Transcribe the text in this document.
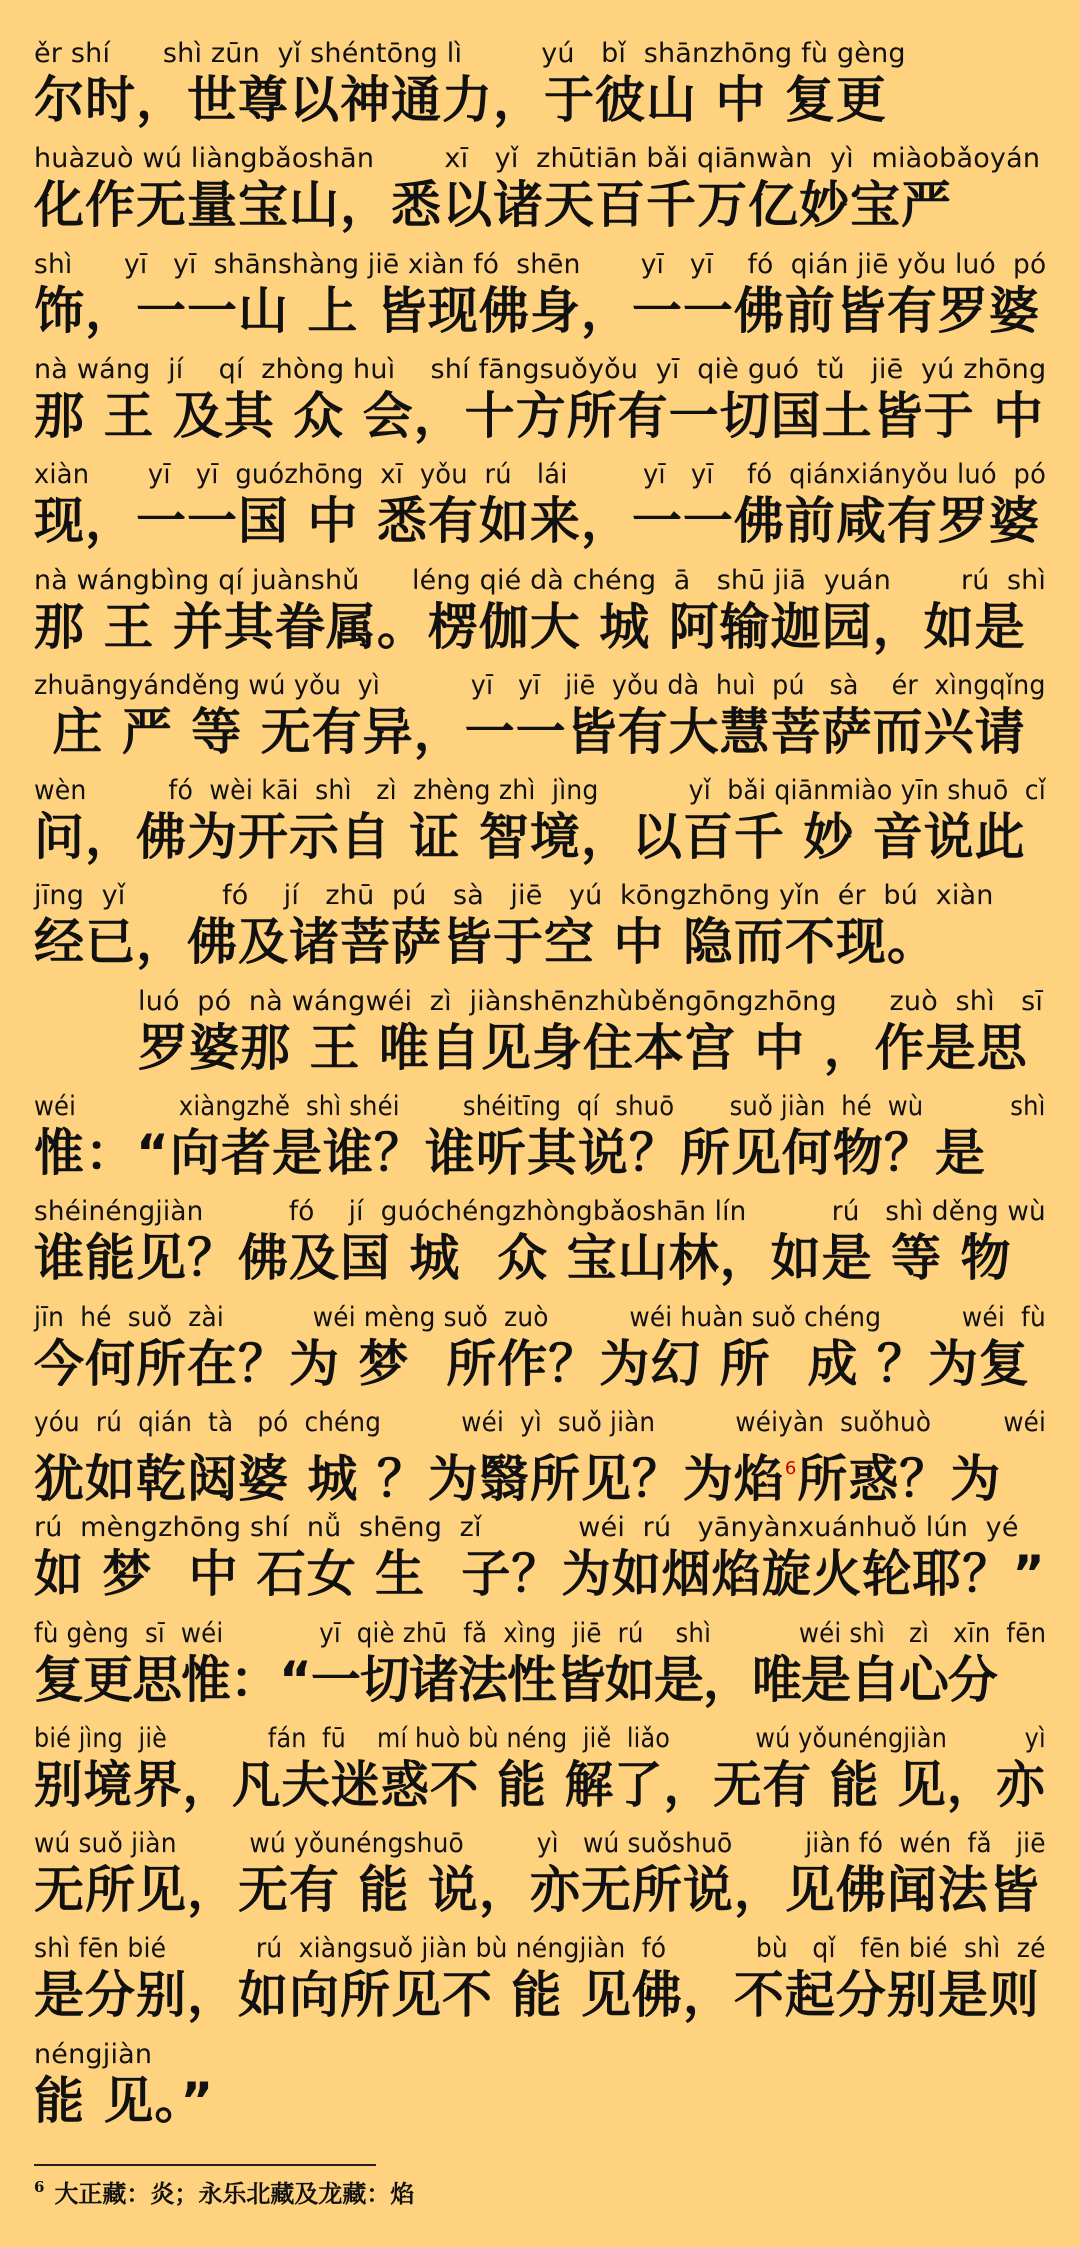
ěr shí      shì zūn  yǐ shéntōng lì         yú   bǐ  shānzhōng fù gèng
尔时，世尊以神通力，于彼山 中 复更
huàzuò wú liàngbǎoshān        xī   yǐ  zhūtiān bǎi qiānwàn  yì  miàobǎoyán
化作无量宝山，悉以诸天百千万亿妙宝严
shì      yī   yī  shānshàng jiē xiàn fó  shēn       yī   yī    fó  qián jiē yǒu luó  pó
饰，一一山 上 皆现佛身，一一佛前皆有罗婆
nà wáng  jí    qí  zhòng huì    shí fāngsuǒyǒu  yī  qiè guó  tǔ   jiē  yú zhōng
那 王 及其 众 会，十方所有一切国土皆于 中
xiàn       yī   yī  guózhōng  xī  yǒu  rú   lái         yī   yī    fó  qiánxiányǒu luó  pó
现，一一国 中 悉有如来，一一佛前咸有罗婆
nà wángbìng qí juànshǔ      léng qié dà chéng  ā   shū jiā  yuán        rú  shì
那 王 并其眷属。楞伽大 城 阿输迦园，如是
zhuāngyánděng wú yǒu  yì           yī   yī   jiē  yǒu dà  huì  pú   sà    ér  xìngqǐng
庄 严 等 无有异，一一皆有大慧菩萨而兴请
wèn          fó  wèi kāi  shì   zì  zhèng zhì  jìng           yǐ  bǎi qiānmiào yīn shuō  cǐ
问，佛为开示自 证 智境，以百千 妙 音说此
jīng  yǐ           fó    jí   zhū  pú   sà   jiē   yú  kōngzhōng yǐn  ér  bú  xiàn
经已，佛及诸菩萨皆于空 中 隐而不现。
luó  pó  nà wángwéi  zì  jiànshēnzhùběngōngzhōng      zuò  shì   sī
罗婆那 王 唯自见身住本宫 中 ，作是思
wéi             xiàngzhě  shì shéi        shéitīng  qí  shuō       suǒ jiàn  hé  wù           shì
惟：“向者是谁？谁听其说？所见何物？是
shéinéngjiàn          fó    jí  guóchéngzhòngbǎoshān lín          rú   shì děng wù
谁能见？佛及国 城  众 宝山林，如是 等 物
jīn  hé  suǒ  zài           wéi mèng suǒ  zuò          wéi huàn suǒ chéng          wéi  fù
今何所在？为 梦  所作？为幻 所  成 ？为复
yóu  rú  qián  tà   pó  chéng          wéi  yì  suǒ jiàn          wéiyàn  suǒhuò         wéi
犹如乾闼婆 城 ？为翳所见？为焰$^6$所惑？为
rú  mèngzhōng shí  nǚ  shēng  zǐ           wéi  rú   yānyànxuánhuǒ lún  yé
如 梦  中 石女 生  子？为如烟焰旋火轮耶？”
fù gèng  sī  wéi            yī  qiè zhū  fǎ  xìng  jiē  rú    shì           wéi shì   zì   xīn  fēn
复更思惟：“一切诸法性皆如是，唯是自心分
bié jìng  jiè             fán  fū    mí huò bù néng  jiě  liǎo           wú yǒunéngjiàn          yì
别境界，凡夫迷惑不 能 解了，无有 能 见，亦
wú suǒ jiàn         wú yǒunéngshuō         yì   wú suǒshuō         jiàn fó  wén  fǎ   jiē
无所见，无有 能 说，亦无所说，见佛闻法皆
shì fēn bié           rú  xiàngsuǒ jiàn bù néngjiàn  fó           bù   qǐ   fēn bié  shì  zé
是分别，如向所见不 能 见佛，不起分别是则
néngjiàn
能 见。”
$^6$ 大正藏：炎；永乐北藏及龙藏：焰
